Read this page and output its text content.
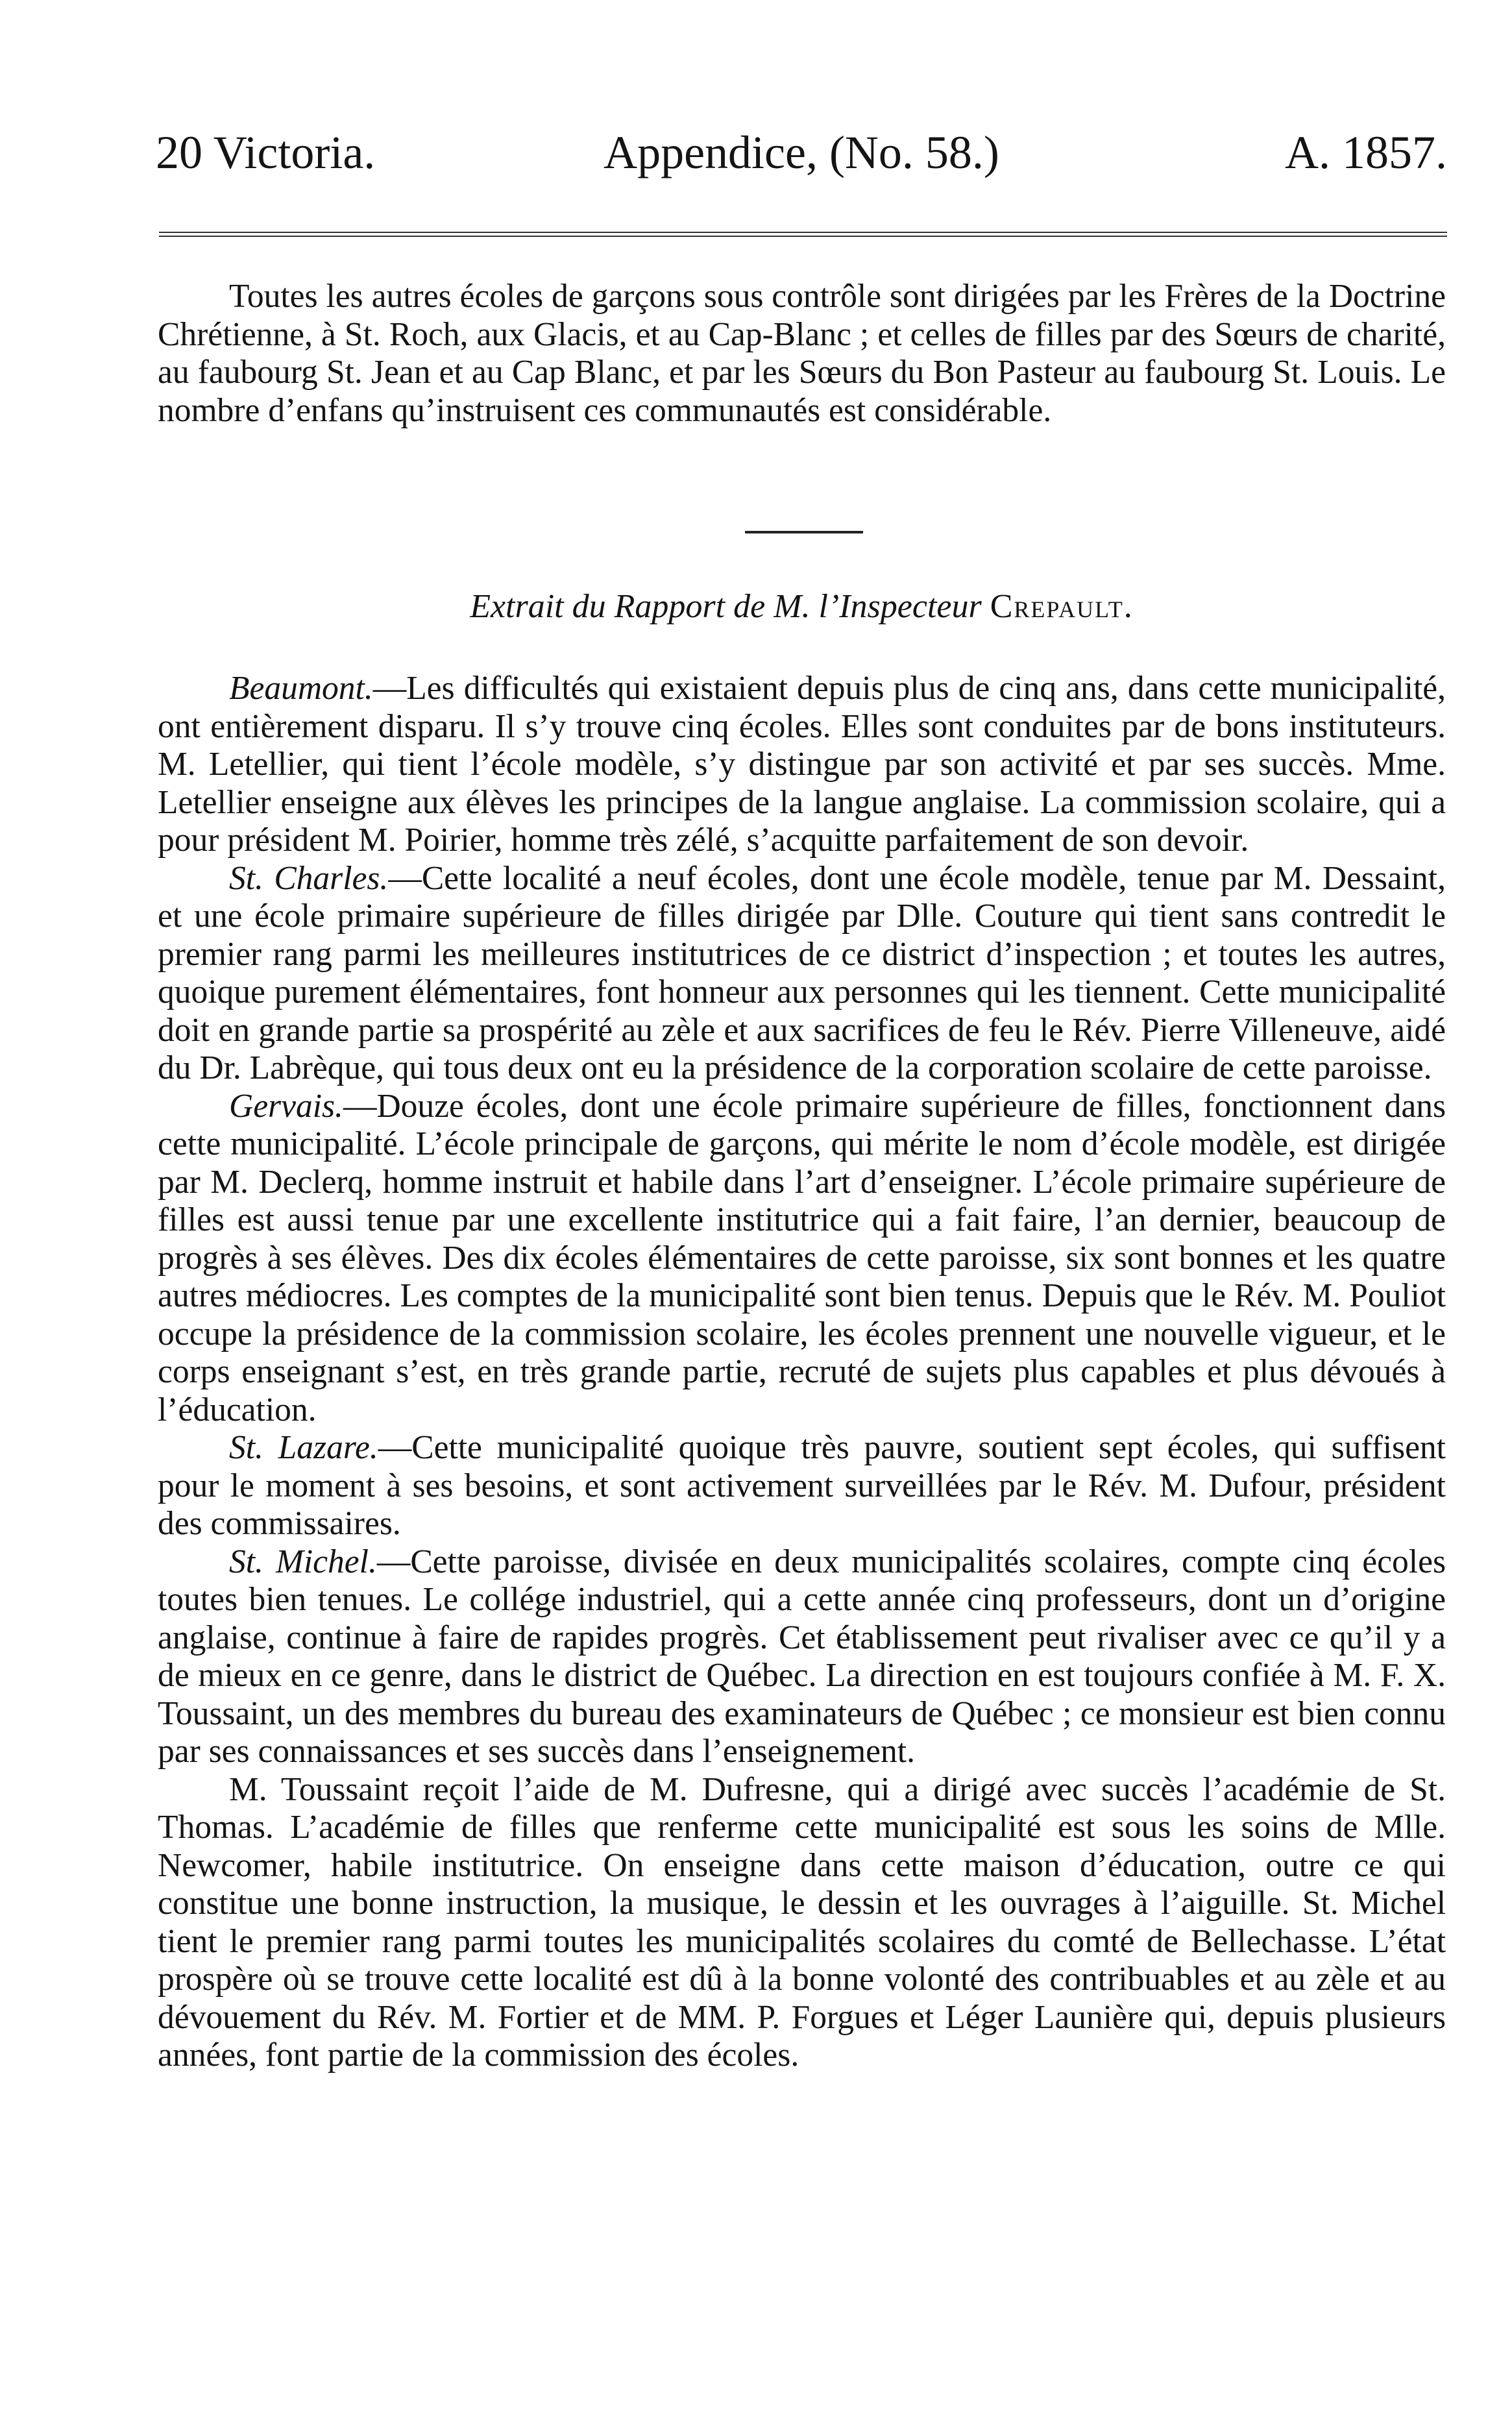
20 Victoria.	Appendice, (No. 58.)	A. 1857.

Toutes les autres écoles de garçons sous contrôle sont dirigées par les Frères de la Doctrine Chrétienne, à St. Roch, aux Glacis, et au Cap-Blanc ; et celles de filles par des Sœurs de charité, au faubourg St. Jean et au Cap Blanc, et par les Sœurs du Bon Pasteur au faubourg St. Louis. Le nombre d’enfans qu’instruisent ces communautés est considérable.

Extrait du Rapport de M. l’Inspecteur Crepault.

Beaumont.—Les difficultés qui existaient depuis plus de cinq ans, dans cette municipalité, ont entièrement disparu. Il s’y trouve cinq écoles. Elles sont conduites par de bons instituteurs. M. Letellier, qui tient l’école modèle, s’y distingue par son activité et par ses succès. Mme. Letellier enseigne aux élèves les principes de la langue anglaise. La commission scolaire, qui a pour président M. Poirier, homme très zélé, s’acquitte parfaitement de son devoir.

St. Charles.—Cette localité a neuf écoles, dont une école modèle, tenue par M. Dessaint, et une école primaire supérieure de filles dirigée par Dlle. Couture qui tient sans contredit le premier rang parmi les meilleures institutrices de ce district d’inspection ; et toutes les autres, quoique purement élémentaires, font honneur aux personnes qui les tiennent. Cette municipalité doit en grande partie sa prospérité au zèle et aux sacrifices de feu le Rév. Pierre Villeneuve, aidé du Dr. Labrèque, qui tous deux ont eu la présidence de la corporation scolaire de cette paroisse.

Gervais.—Douze écoles, dont une école primaire supérieure de filles, fonctionnent dans cette municipalité. L’école principale de garçons, qui mérite le nom d’école modèle, est dirigée par M. Declerq, homme instruit et habile dans l’art d’enseigner. L’école primaire supérieure de filles est aussi tenue par une excellente institutrice qui a fait faire, l’an dernier, beaucoup de progrès à ses élèves. Des dix écoles élémentaires de cette paroisse, six sont bonnes et les quatre autres médiocres. Les comptes de la municipalité sont bien tenus. Depuis que le Rév. M. Pouliot occupe la présidence de la commission scolaire, les écoles prennent une nouvelle vigueur, et le corps enseignant s’est, en très grande partie, recruté de sujets plus capables et plus dévoués à l’éducation.

St. Lazare.—Cette municipalité quoique très pauvre, soutient sept écoles, qui suffisent pour le moment à ses besoins, et sont activement surveillées par le Rév. M. Dufour, président des commissaires.

St. Michel.—Cette paroisse, divisée en deux municipalités scolaires, compte cinq écoles toutes bien tenues. Le collége industriel, qui a cette année cinq professeurs, dont un d’origine anglaise, continue à faire de rapides progrès. Cet établissement peut rivaliser avec ce qu’il y a de mieux en ce genre, dans le district de Québec. La direction en est toujours confiée à M. F. X. Toussaint, un des membres du bureau des examinateurs de Québec ; ce monsieur est bien connu par ses connaissances et ses succès dans l’enseignement.

M. Toussaint reçoit l’aide de M. Dufresne, qui a dirigé avec succès l’académie de St. Thomas. L’académie de filles que renferme cette municipalité est sous les soins de Mlle. Newcomer, habile institutrice. On enseigne dans cette maison d’éducation, outre ce qui constitue une bonne instruction, la musique, le dessin et les ouvrages à l’aiguille. St. Michel tient le premier rang parmi toutes les municipalités scolaires du comté de Bellechasse. L’état prospère où se trouve cette localité est dû à la bonne volonté des contribuables et au zèle et au dévouement du Rév. M. Fortier et de MM. P. Forgues et Léger Launière qui, depuis plusieurs années, font partie de la commission des écoles.
